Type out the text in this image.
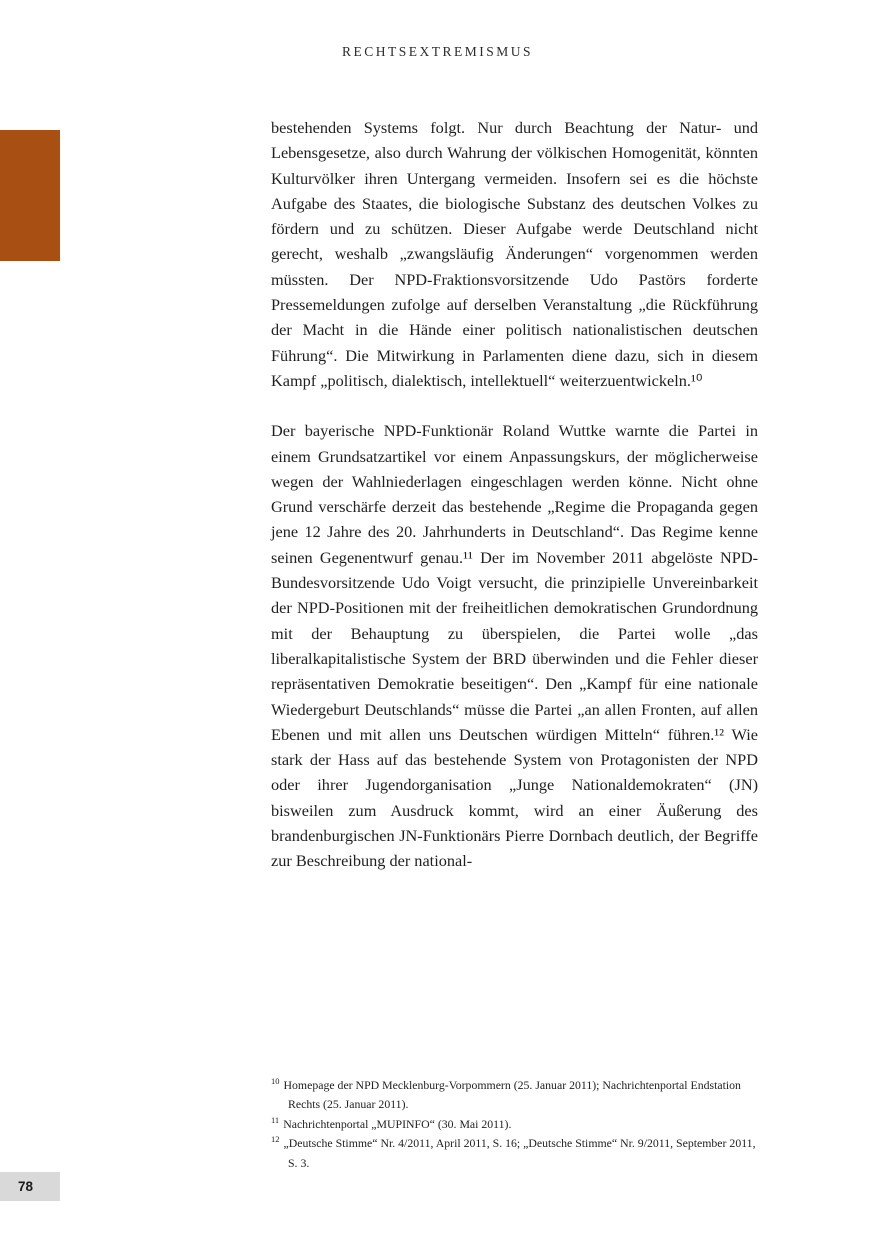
RECHTSEXTREMISMUS

bestehenden Systems folgt. Nur durch Beachtung der Natur- und Lebensgesetze, also durch Wahrung der völkischen Homogenität, könnten Kulturvölker ihren Untergang vermeiden. Insofern sei es die höchste Aufgabe des Staates, die biologische Substanz des deutschen Volkes zu fördern und zu schützen. Dieser Aufgabe werde Deutschland nicht gerecht, weshalb „zwangsläufig Änderungen“ vorgenommen werden müssten. Der NPD-Fraktionsvorsitzende Udo Pastörs forderte Pressemeldungen zufolge auf derselben Veranstaltung „die Rückführung der Macht in die Hände einer politisch nationalistischen deutschen Führung“. Die Mitwirkung in Parlamenten diene dazu, sich in diesem Kampf „politisch, dialektisch, intellektuell“ weiterzuentwickeln.¹⁰

Der bayerische NPD-Funktionär Roland Wuttke warnte die Partei in einem Grundsatzartikel vor einem Anpassungskurs, der möglicherweise wegen der Wahlniederlagen eingeschlagen werden könne. Nicht ohne Grund verschärfe derzeit das bestehende „Regime die Propaganda gegen jene 12 Jahre des 20. Jahrhunderts in Deutschland“. Das Regime kenne seinen Gegenentwurf genau.¹¹ Der im November 2011 abgelöste NPD-Bundesvorsitzende Udo Voigt versucht, die prinzipielle Unvereinbarkeit der NPD-Positionen mit der freiheitlichen demokratischen Grundordnung mit der Behauptung zu überspielen, die Partei wolle „das liberalkapitalistische System der BRD überwinden und die Fehler dieser repräsentativen Demokratie beseitigen“. Den „Kampf für eine nationale Wiedergeburt Deutschlands“ müsse die Partei „an allen Fronten, auf allen Ebenen und mit allen uns Deutschen würdigen Mitteln“ führen.¹² Wie stark der Hass auf das bestehende System von Protagonisten der NPD oder ihrer Jugendorganisation „Junge Nationaldemokraten“ (JN) bisweilen zum Ausdruck kommt, wird an einer Äußerung des brandenburgischen JN-Funktionärs Pierre Dornbach deutlich, der Begriffe zur Beschreibung der national-

$^{10}$ Homepage der NPD Mecklenburg-Vorpommern (25. Januar 2011); Nachrichtenportal Endstation Rechts (25. Januar 2011).
$^{11}$ Nachrichtenportal „MUPINFO“ (30. Mai 2011).
$^{12}$ „Deutsche Stimme“ Nr. 4/2011, April 2011, S. 16; „Deutsche Stimme“ Nr. 9/2011, September 2011, S. 3.
78
